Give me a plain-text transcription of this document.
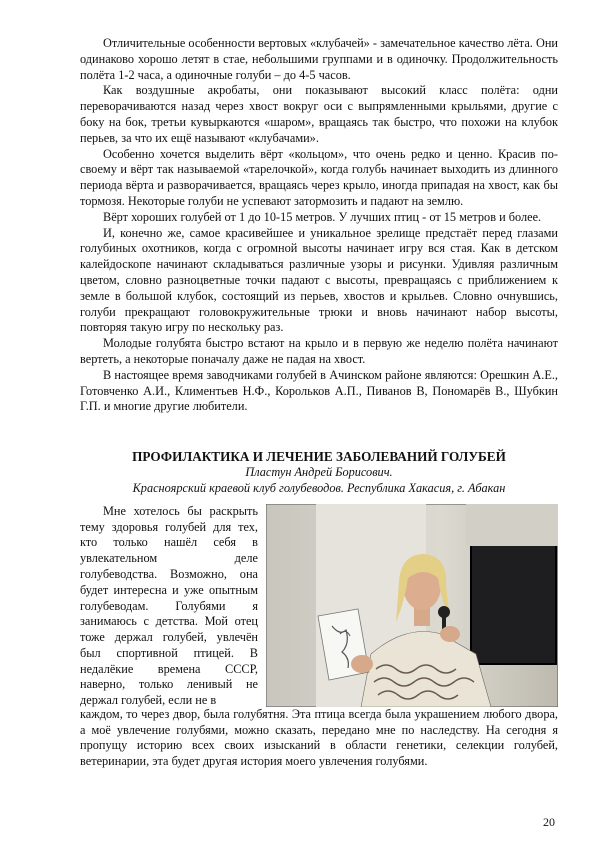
Отличительные особенности вертовых «клубачей» - замечательное качество лёта. Они одинаково хорошо летят в стае, небольшими группами и в одиночку. Продолжительность полёта 1-2 часа, а одиночные голуби – до 4-5 часов.

Как воздушные акробаты, они показывают высокий класс полёта: одни переворачиваются назад через хвост вокруг оси с выпрямленными крыльями, другие с боку на бок, третьи кувыркаются «шаром», вращаясь так быстро, что похожи на клубок перьев, за что их ещё называют «клубачами».

Особенно хочется выделить вёрт «кольцом», что очень редко и ценно. Красив по-своему и вёрт так называемой «тарелочкой», когда голубь начинает выходить из длинного периода вёрта и разворачивается, вращаясь через крыло, иногда припадая на хвост, как бы тормозя. Некоторые голуби не успевают затормозить и падают на землю.

Вёрт хороших голубей от 1 до 10-15 метров. У лучших птиц - от 15 метров и более.

И, конечно же, самое красивейшее и уникальное зрелище предстаёт перед глазами голубиных охотников, когда с огромной высоты начинает игру вся стая. Как в детском калейдоскопе начинают складываться различные узоры и рисунки. Удивляя различным цветом, словно разноцветные точки падают с высоты, превращаясь с приближением к земле в большой клубок, состоящий из перьев, хвостов и крыльев. Словно очнувшись, голуби прекращают головокружительные трюки и вновь начинают набор высоты, повторяя такую игру по нескольку раз.

Молодые голубята быстро встают на крыло и в первую же неделю полёта начинают вертеть, а некоторые поначалу даже не падая на хвост.

В настоящее время заводчиками голубей в Ачинском районе являются: Орешкин А.Е., Готовченко А.И., Климентьев Н.Ф., Корольков А.П., Пиванов В, Пономарёв В., Шубкин Г.П. и многие другие любители.

ПРОФИЛАКТИКА И ЛЕЧЕНИЕ ЗАБОЛЕВАНИЙ ГОЛУБЕЙ

Пластун Андрей Борисович.

Красноярский краевой клуб голубеводов. Республика Хакасия, г. Абакан

Мне хотелось бы раскрыть тему здоровья голубей для тех, кто только нашёл себя в увлекательном деле голубеводства. Возможно, она будет интересна и уже опытным голубеводам. Голубями я занимаюсь с детства. Мой отец тоже держал голубей, увлечён был спортивной птицей. В недалёкие времена СССР, наверно, только ленивый не держал голубей, если не в

каждом, то через двор, была голубятня. Эта птица всегда была украшением любого двора, а моё увлечение голубями, можно сказать, передано мне по наследству. На сегодня я пропущу историю всех своих изысканий в области генетики, селекции голубей, ветеринарии, эта будет другая история моего увлечения голубями.

20
